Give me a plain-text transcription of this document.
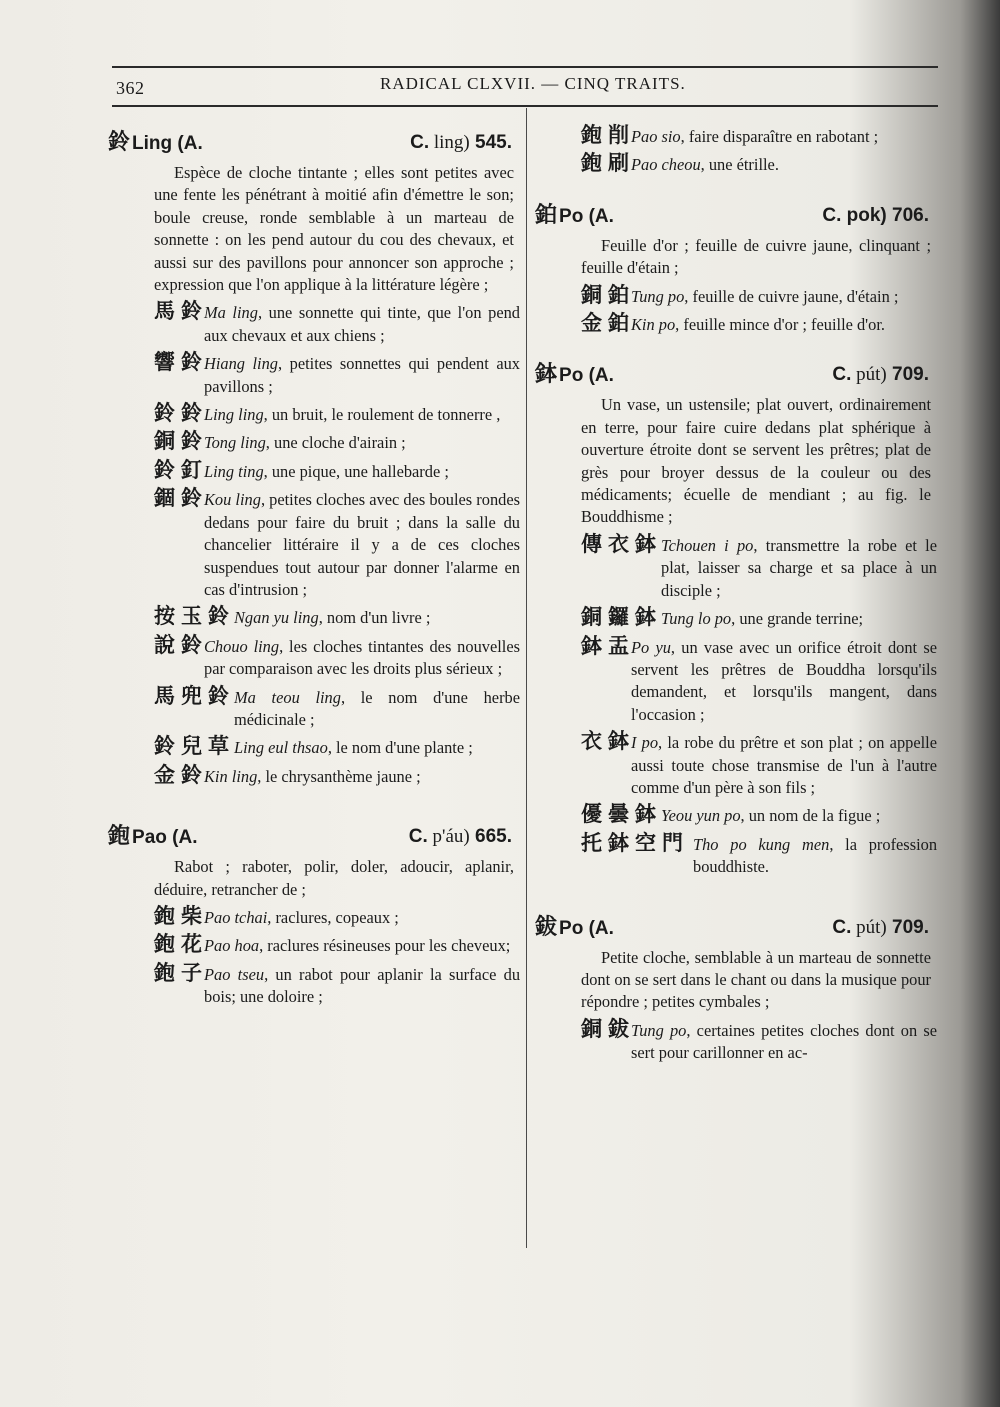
362	RADICAL CLXVII. — CINQ TRAITS.
鈴 Ling (A.	C. ling) 545.
Espèce de cloche tintante ; elles sont petites avec une fente les pénétrant à moitié afin d'émettre le son; boule creuse, ronde semblable à un marteau de sonnette : on les pend autour du cou des chevaux, et aussi sur des pavillons pour annoncer son approche ; expression que l'on applique à la littérature légère ;
馬鈴
Ma ling, une sonnette qui tinte, que l'on pend aux chevaux et aux chiens ;
響鈴
Hiang ling, petites sonnettes qui pendent aux pavillons ;
鈴鈴
Ling ling, un bruit, le roulement de tonnerre ,
銅鈴
Tong ling, une cloche d'airain ;
鈴釘
Ling ting, une pique, une hallebarde ;
錮鈴
Kou ling, petites cloches avec des boules rondes dedans pour faire du bruit ; dans la salle du chancelier littéraire il y a de ces cloches suspendues tout autour par donner l'alarme en cas d'intrusion ;
按玉鈴 Ngan yu ling, nom d'un livre ;
說鈴
Chouo ling, les cloches tintantes des nouvelles par comparaison avec les droits plus sérieux ;
馬兜鈴 Ma teou ling, le nom d'une herbe médicinale ;
鈴兒草 Ling eul thsao, le nom d'une plante ;
金鈴
Kin ling, le chrysanthème jaune ;
鉋 Pao (A.	C. p'áu) 665.
Rabot ; raboter, polir, doler, adoucir, aplanir, déduire, retrancher de ;
鉋柴
Pao tchai, raclures, copeaux ;
鉋花
Pao hoa, raclures résineuses pour les cheveux;
鉋子
Pao tseu, un rabot pour aplanir la surface du bois; une doloire ;
鉋削
Pao sio, faire disparaître en rabotant ;
鉋刷
Pao cheou, une étrille.
鉑 Po (A.	C. pok) 706.
Feuille d'or ; feuille de cuivre jaune, clinquant ; feuille d'étain ;
銅鉑
Tung po, feuille de cuivre jaune, d'étain ;
金鉑
Kin po, feuille mince d'or ; feuille d'or.
鉢 Po (A.	C. pút) 709.
Un vase, un ustensile; plat ouvert, ordinairement en terre, pour faire cuire dedans plat sphérique à ouverture étroite dont se servent les prêtres; plat de grès pour broyer dessus de la couleur ou des médicaments; écuelle de mendiant ; au fig. le Bouddhisme ;
傳衣鉢 Tchouen i po, transmettre la robe et le plat, laisser sa charge et sa place à un disciple ;
銅鑼鉢 Tung lo po, une grande terrine;
鉢盂
Po yu, un vase avec un orifice étroit dont se servent les prêtres de Bouddha lorsqu'ils demandent, et lorsqu'ils mangent, dans l'occasion ;
衣鉢
I po, la robe du prêtre et son plat ; on appelle aussi toute chose transmise de l'un à l'autre comme d'un père à son fils ;
優曇鉢 Yeou yun po, un nom de la figue ;
托鉢空門 Tho po kung men, la profession bouddhiste.
鈸 Po (A.	C. pút) 709.
Petite cloche, semblable à un marteau de sonnette dont on se sert dans le chant ou dans la musique pour répondre ; petites cymbales ;
銅鈸
Tung po, certaines petites cloches dont on se sert pour carillonner en ac-
